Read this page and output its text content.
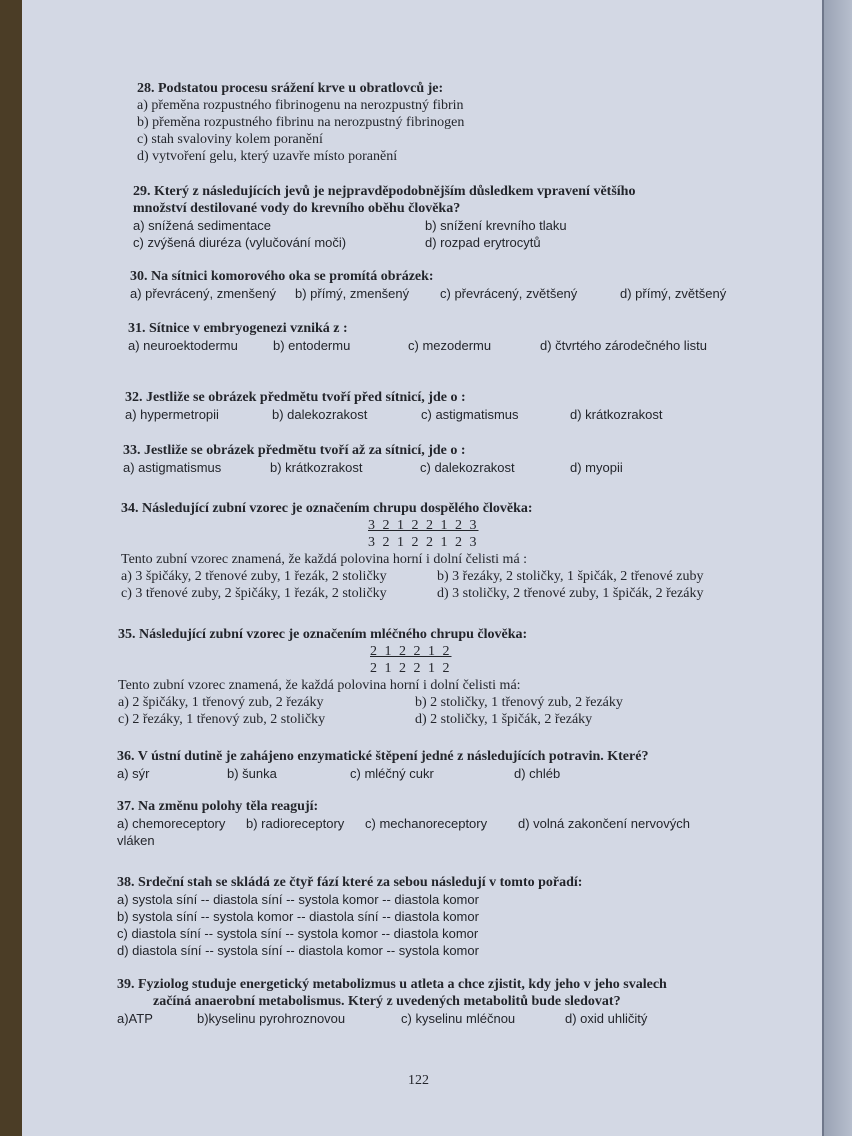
28. Podstatou procesu srážení krve u obratlovců je:
a) přeměna rozpustného fibrinogenu na nerozpustný fibrin
b) přeměna rozpustného fibrinu na nerozpustný fibrinogen
c) stah svaloviny kolem poranění
d) vytvoření gelu, který uzavře místo poranění
29. Který z následujících jevů je nejpravděpodobnějším důsledkem vpravení většího
množství destilované vody do krevního oběhu člověka?
a) snížená sedimentace	b) snížení krevního tlaku
c) zvýšená diuréza (vylučování moči)	d) rozpad erytrocytů
30. Na sítnici komorového oka se promítá obrázek:
a) převrácený, zmenšený b) přímý, zmenšený c) převrácený, zvětšený	d) přímý, zvětšený
31. Sítnice v embryogenezi vzniká z :
a) neuroektodermu	b) entodermu	c) mezodermu	d) čtvrtého zárodečného listu
32. Jestliže se obrázek předmětu tvoří před sítnicí, jde o :
a) hypermetropii	b) dalekozrakost	c) astigmatismus	d) krátkozrakost
33. Jestliže se obrázek předmětu tvoří až za sítnicí, jde o :
a) astigmatismus	b) krátkozrakost	c) dalekozrakost	d) myopii
34. Následující zubní vzorec je označením chrupu dospělého člověka:
3 2 1 2 2 1 2 3
3 2 1 2 2 1 2 3
Tento zubní vzorec znamená, že každá polovina horní i dolní čelisti má :
a) 3 špičáky, 2 třenové zuby, 1 řezák, 2 stoličky	b) 3 řezáky, 2 stoličky, 1 špičák, 2 třenové zuby
c) 3 třenové zuby, 2 špičáky, 1 řezák, 2 stoličky	d) 3 stoličky, 2 třenové zuby, 1 špičák, 2 řezáky
35. Následující zubní vzorec je označením mléčného chrupu člověka:
2 1 2 2 1 2
2 1 2 2 1 2
Tento zubní vzorec znamená, že každá polovina horní i dolní čelisti má:
a) 2 špičáky, 1 třenový zub, 2 řezáky	b) 2 stoličky, 1 třenový zub, 2 řezáky
c) 2 řezáky, 1 třenový zub, 2 stoličky	d) 2 stoličky, 1 špičák, 2 řezáky
36. V ústní dutině je zahájeno enzymatické štěpení jedné z následujících potravin. Které?
a) sýr	b) šunka	c) mléčný cukr	d) chléb
37. Na změnu polohy těla reagují:
a) chemoreceptory b) radioreceptory c) mechanoreceptory d) volná zakončení nervových
vláken
38. Srdeční stah se skládá ze čtyř fází které za sebou následují v tomto pořadí:
a) systola síní -- diastola síní -- systola komor -- diastola komor
b) systola síní -- systola komor -- diastola síní -- diastola komor
c) diastola síní -- systola síní -- systola komor -- diastola komor
d) diastola síní -- systola síní -- diastola komor -- systola komor
39. Fyziolog studuje energetický metabolizmus u atleta a chce zjistit, kdy jeho v jeho svalech
začíná anaerobní metabolismus. Který z uvedených metabolitů bude sledovat?
a)ATP	b)kyselinu pyrohroznovou	c) kyselinu mléčnou	d) oxid uhličitý
122
